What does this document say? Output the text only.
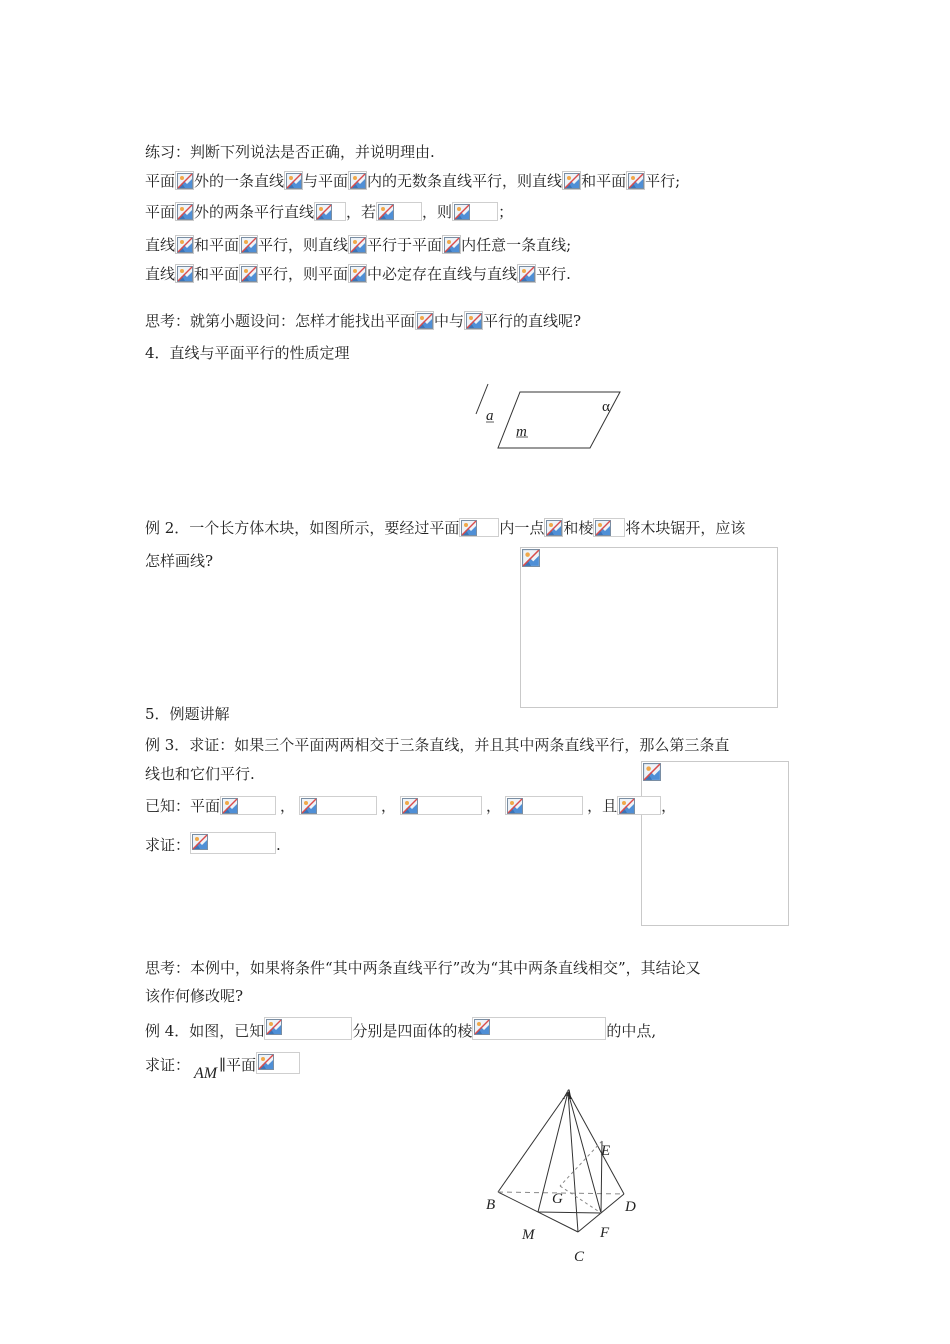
练习：判断下列说法是否正确，并说明理由.
平面 外的一条直线 与平面 内的无数条直线平行，则直线 和平面 平行;
平面 外的两条平行直线 ，若	，则	；
直线 和平面 平行，则直线 平行于平面 内任意一条直线;
直线 和平面 平行，则平面 中必定存在直线与直线 平行.
思考：就第小题设问：怎样才能找出平面 中与 平行的直线呢?
4．直线与平面平行的性质定理
a
m
α
例 2．一个长方体木块，如图所示，要经过平面	内一点 和棱 将木块锯开，应该
怎样画线?
5．例题讲解
例 3．求证：如果三个平面两两相交于三条直线，并且其中两条直线平行，那么第三条直
线也和它们平行.
已知：平面	，	，	，	，且	，
求证：	.
思考：本例中，如果将条件“其中两条直线平行”改为“其中两条直线相交”，其结论又
该作何修改呢?
例 4．如图，已知	分别是四面体的棱	的中点,
求证： AM ∥平面
A
B
C
D
E
F
G
M
